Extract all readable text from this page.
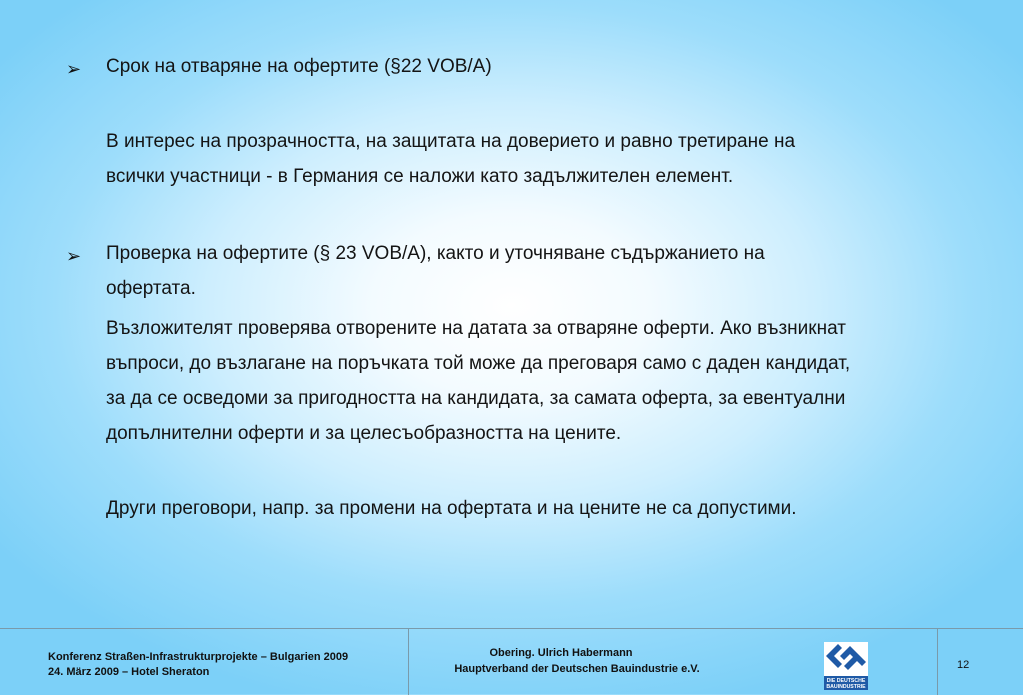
➢ Срок на отваряне на офертите (§22 VOB/A)
В интерес на прозрачността, на защитата на доверието и равно третиране на
всички участници - в Германия се наложи като задължителен елемент.
➢ Проверка на офертите (§ 23 VOB/A), както и уточняване съдържанието на
офертата.
Възложителят проверява отворените на датата за отваряне оферти. Ако възникнат
въпроси, до възлагане на поръчката той може да преговаря само с даден кандидат,
за да се осведоми за пригодността на кандидата, за самата оферта, за евентуални
допълнителни оферти и за целесъобразността на цените.
Други преговори, напр. за промени на офертата и на цените не са допустими.
Konferenz Straßen-Infrastrukturprojekte – Bulgarien 2009
24. März 2009 – Hotel Sheraton
Obering. Ulrich Habermann
Hauptverband der Deutschen Bauindustrie e.V.
DIE DEUTSCHE
BAUINDUSTRIE
12
